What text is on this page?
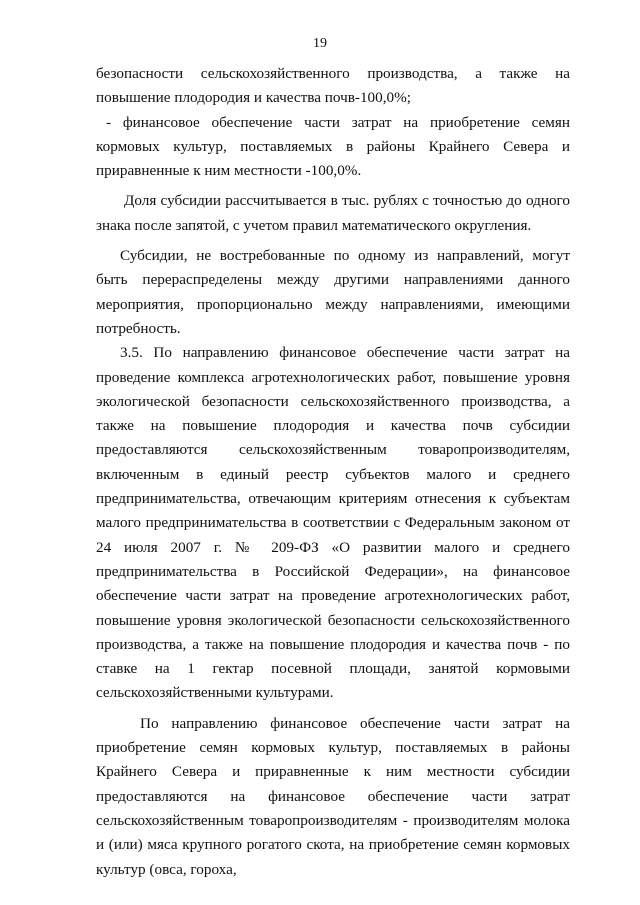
19

безопасности сельскохозяйственного производства, а также на повышение плодородия и качества почв-100,0%;

- финансовое обеспечение части затрат на приобретение семян кормовых культур, поставляемых в районы Крайнего Севера и приравненные к ним местности -100,0%.

Доля субсидии рассчитывается в тыс. рублях с точностью до одного знака после запятой, с учетом правил математического округления.

Субсидии, не востребованные по одному из направлений, могут быть перераспределены между другими направлениями данного мероприятия, пропорционально между направлениями, имеющими потребность.

3.5. По направлению финансовое обеспечение части затрат на проведение комплекса агротехнологических работ, повышение уровня экологической безопасности сельскохозяйственного производства, а также на повышение плодородия и качества почв субсидии предоставляются сельскохозяйственным товаропроизводителям, включенным в единый реестр субъектов малого и среднего предпринимательства, отвечающим критериям отнесения к субъектам малого предпринимательства в соответствии с Федеральным законом от 24 июля 2007 г. № 209-ФЗ «О развитии малого и среднего предпринимательства в Российской Федерации», на финансовое обеспечение части затрат на проведение агротехнологических работ, повышение уровня экологической безопасности сельскохозяйственного производства, а также на повышение плодородия и качества почв - по ставке на 1 гектар посевной площади, занятой кормовыми сельскохозяйственными культурами.

По направлению финансовое обеспечение части затрат на приобретение семян кормовых культур, поставляемых в районы Крайнего Севера и приравненные к ним местности субсидии предоставляются на финансовое обеспечение части затрат сельскохозяйственным товаропроизводителям - производителям молока и (или) мяса крупного рогатого скота, на приобретение семян кормовых культур (овса, гороха,
